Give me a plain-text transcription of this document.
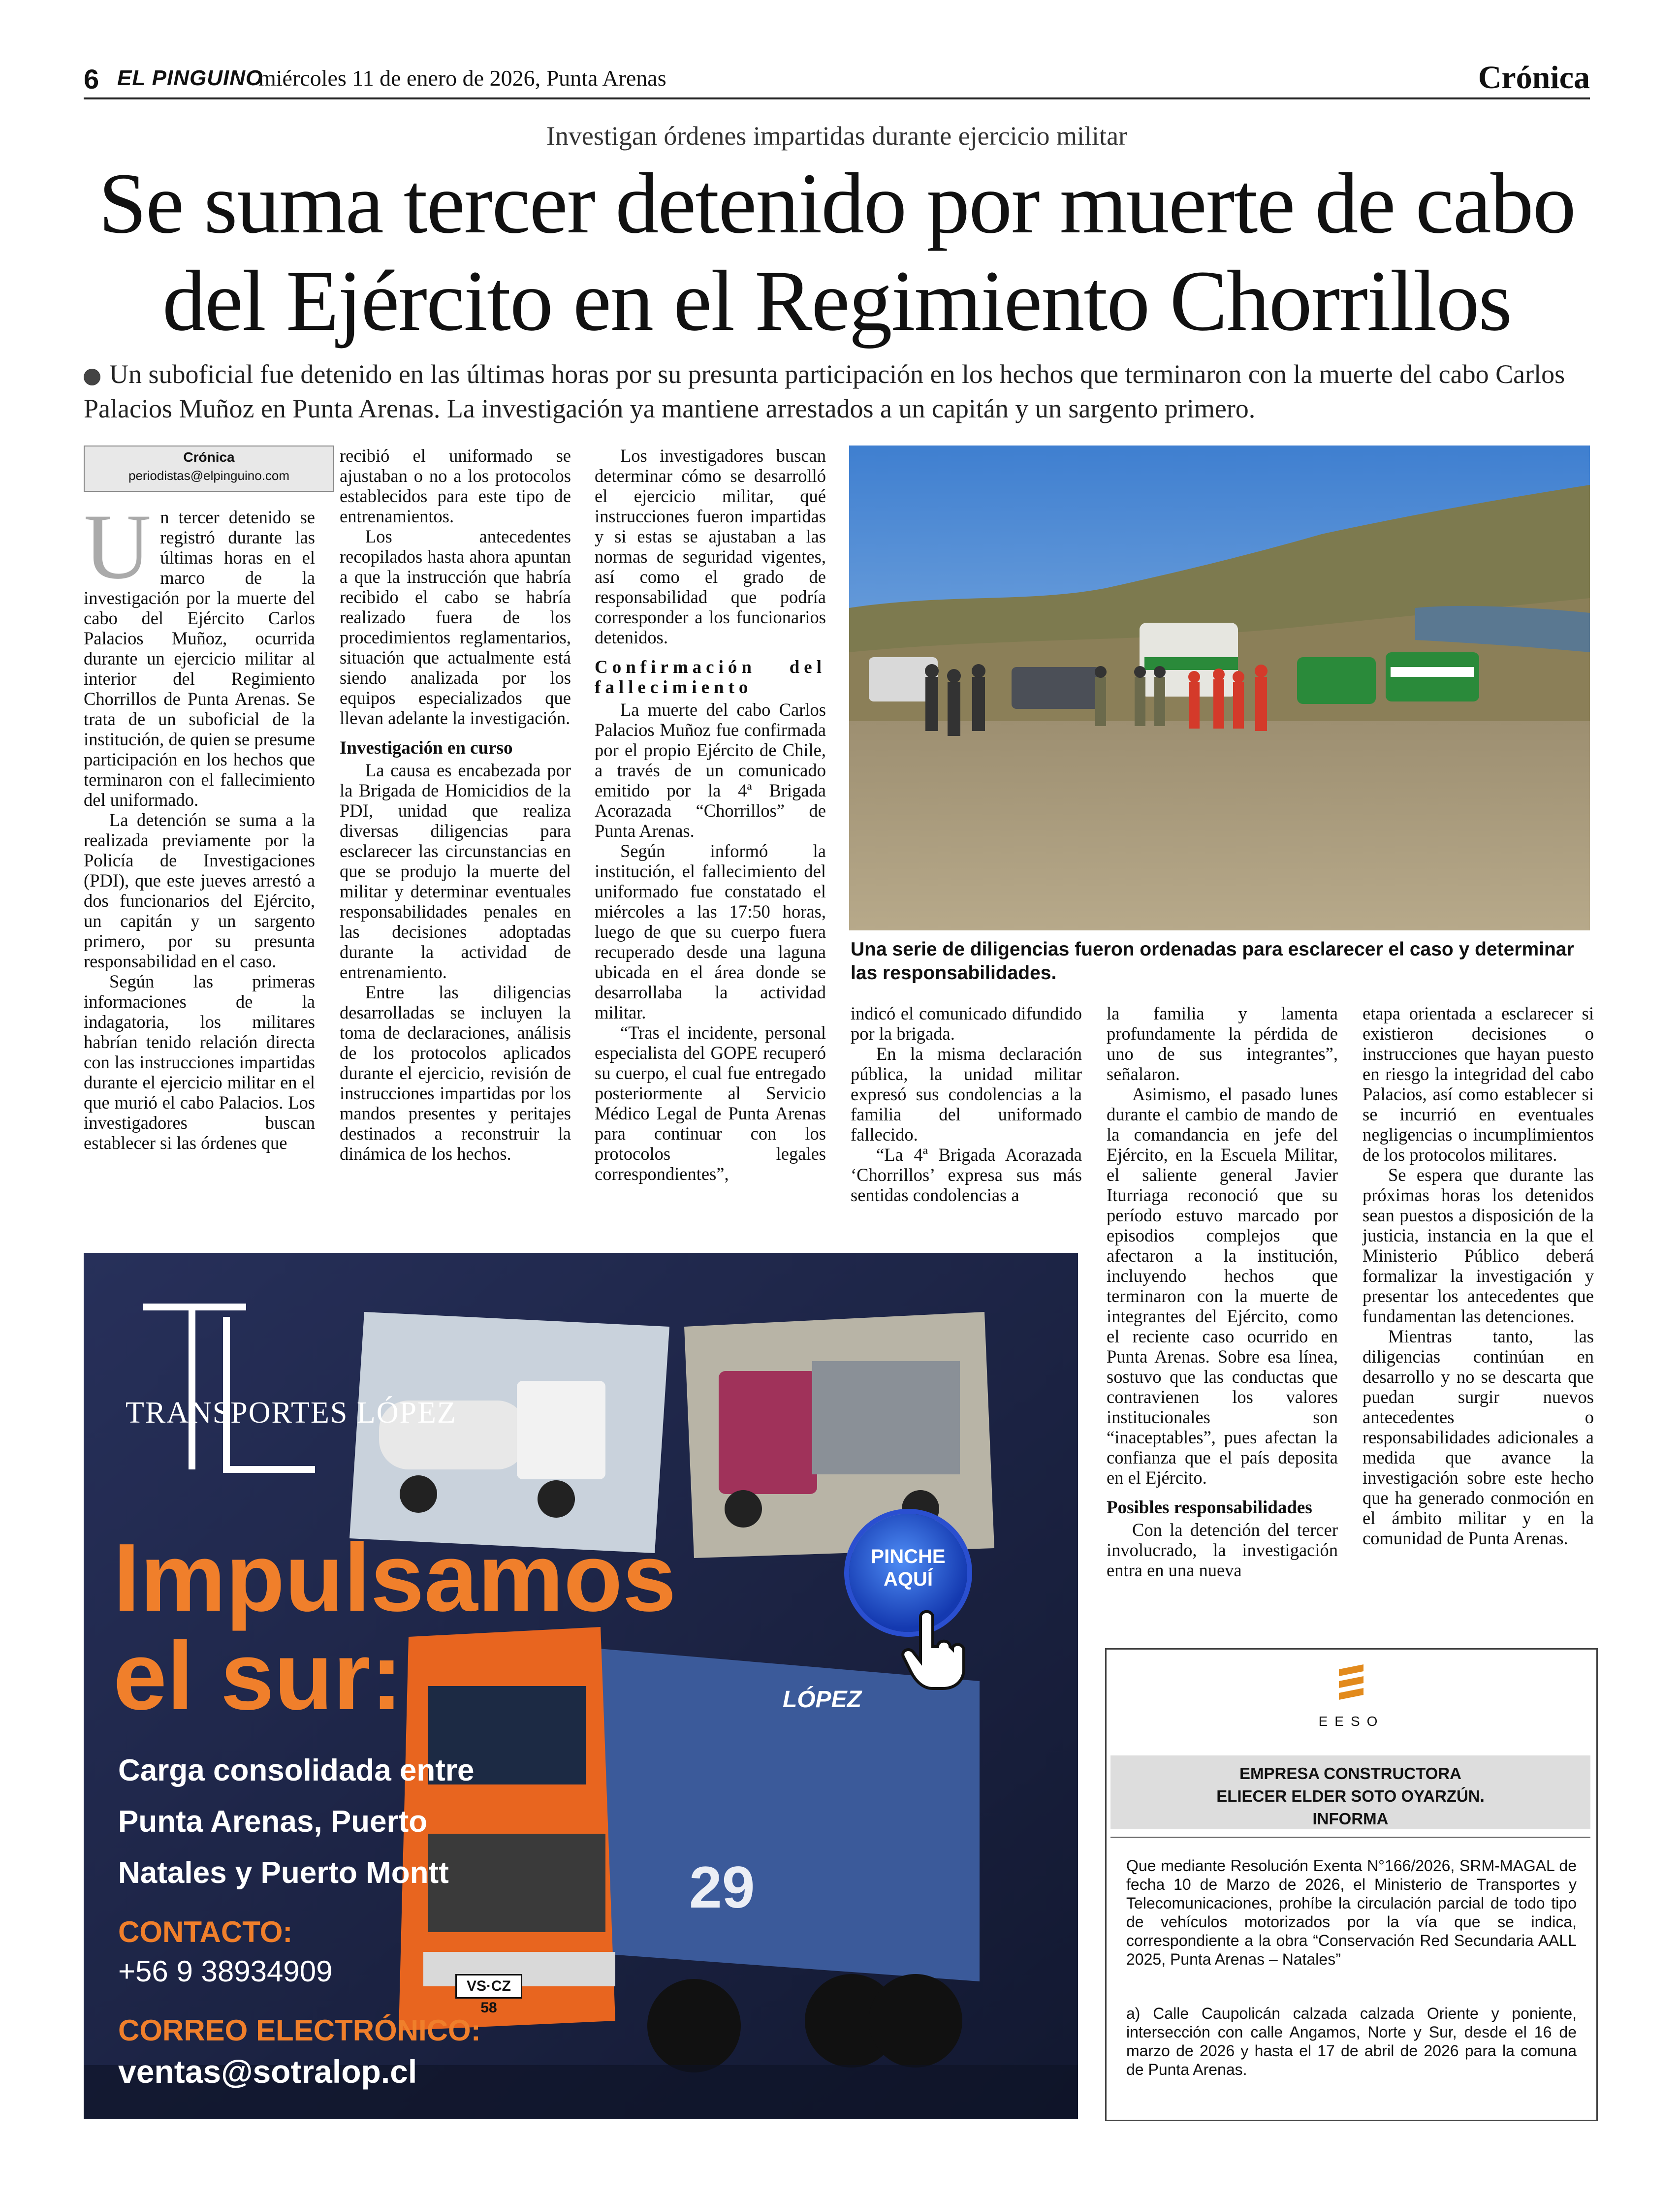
6 EL PINGUINO
miércoles 11 de enero de 2026, Punta Arenas	Crónica
Investigan órdenes impartidas durante ejercicio militar
Se suma tercer detenido por muerte de cabo del Ejército en el Regimiento Chorrillos
Un suboficial fue detenido en las últimas horas por su presunta participación en los hechos que terminaron con la muerte del cabo Carlos Palacios Muñoz en Punta Arenas. La investigación ya mantiene arrestados a un capitán y un sargento primero.
Crónica
periodistas@elpinguino.com
U n tercer detenido se registró durante las últimas horas en el marco de la investigación por la muerte del cabo del Ejército Carlos Palacios Muñoz, ocurrida durante un ejercicio militar al interior del Regimiento Chorrillos de Punta Arenas. Se trata de un suboficial de la institución, de quien se presume participación en los hechos que terminaron con el fallecimiento del uniformado.

La detención se suma a la realizada previamente por la Policía de Investigaciones (PDI), que este jueves arrestó a dos funcionarios del Ejército, un capitán y un sargento primero, por su presunta responsabilidad en el caso.

Según las primeras informaciones de la indagatoria, los militares habrían tenido relación directa con las instrucciones impartidas durante el ejercicio militar en el que murió el cabo Palacios. Los investigadores buscan establecer si las órdenes que

recibió el uniformado se ajustaban o no a los protocolos establecidos para este tipo de entrenamientos.

Los antecedentes recopilados hasta ahora apuntan a que la instrucción que habría recibido el cabo se habría realizado fuera de los procedimientos reglamentarios, situación que actualmente está siendo analizada por los equipos especializados que llevan adelante la investigación.

Investigación en curso

La causa es encabezada por la Brigada de Homicidios de la PDI, unidad que realiza diversas diligencias para esclarecer las circunstancias en que se produjo la muerte del militar y determinar eventuales responsabilidades penales en las decisiones adoptadas durante la actividad de entrenamiento.

Entre las diligencias desarrolladas se incluyen la toma de declaraciones, análisis de los protocolos aplicados durante el ejercicio, revisión de instrucciones impartidas por los mandos presentes y peritajes destinados a reconstruir la dinámica de los hechos.

Los investigadores buscan determinar cómo se desarrolló el ejercicio militar, qué instrucciones fueron impartidas y si estas se ajustaban a las normas de seguridad vigentes, así como el grado de responsabilidad que podría corresponder a los funcionarios detenidos.

Confirmación del fallecimiento

La muerte del cabo Carlos Palacios Muñoz fue confirmada por el propio Ejército de Chile, a través de un comunicado emitido por la 4ª Brigada Acorazada “Chorrillos” de Punta Arenas.

Según informó la institución, el fallecimiento del uniformado fue constatado el miércoles a las 17:50 horas, luego de que su cuerpo fuera recuperado desde una laguna ubicada en el área donde se desarrollaba la actividad militar.

“Tras el incidente, personal especialista del GOPE recuperó su cuerpo, el cual fue entregado posteriormente al Servicio Médico Legal de Punta Arenas para continuar con los protocolos legales correspondientes”,

Una serie de diligencias fueron ordenadas para esclarecer el caso y determinar las responsabilidades.

indicó el comunicado difundido por la brigada.

En la misma declaración pública, la unidad militar expresó sus condolencias a la familia del uniformado fallecido.

“La 4ª Brigada Acorazada ‘Chorrillos’ expresa sus más sentidas condolencias a

la familia y lamenta profundamente la pérdida de uno de sus integrantes”, señalaron.

Asimismo, el pasado lunes durante el cambio de mando de la comandancia en jefe del Ejército, en la Escuela Militar, el saliente general Javier Iturriaga reconoció que su período estuvo marcado por episodios complejos que afectaron a la institución, incluyendo hechos que terminaron con la muerte de integrantes del Ejército, como el reciente caso ocurrido en Punta Arenas. Sobre esa línea, sostuvo que las conductas que contravienen los valores institucionales son “inaceptables”, pues afectan la confianza que el país deposita en el Ejército.

Posibles responsabilidades

Con la detención del tercer involucrado, la investigación entra en una nueva

etapa orientada a esclarecer si existieron decisiones o instrucciones que hayan puesto en riesgo la integridad del cabo Palacios, así como establecer si se incurrió en eventuales negligencias o incumplimientos de los protocolos militares.

Se espera que durante las próximas horas los detenidos sean puestos a disposición de la justicia, instancia en la que el Ministerio Público deberá formalizar la investigación y presentar los antecedentes que fundamentan las detenciones.

Mientras tanto, las diligencias continúan en desarrollo y no se descarta que puedan surgir nuevos antecedentes o responsabilidades adicionales a medida que avance la investigación sobre este hecho que ha generado conmoción en el ámbito militar y en la comunidad de Punta Arenas.

TRANSPORTES LÓPEZ
Impulsamos
el sur:
Carga consolidada entre
Punta Arenas, Puerto
Natales y Puerto Montt
CONTACTO:
+56 9 38934909
CORREO ELECTRÓNICO:
ventas@sotralop.cl
PINCHE
AQUÍ
VS·CZ 58
LÓPEZ
29
EESO
EMPRESA CONSTRUCTORA
ELIECER ELDER SOTO OYARZÚN.
INFORMA
Que mediante Resolución Exenta N°166/2026, SRM-MAGAL de fecha 10 de Marzo de 2026, el Ministerio de Transportes y Telecomunicaciones, prohíbe la circulación parcial de todo tipo de vehículos motorizados por la vía que se indica, correspondiente a la obra “Conservación Red Secundaria AALL 2025, Punta Arenas – Natales”
a) Calle Caupolicán calzada calzada Oriente y poniente, intersección con calle Angamos, Norte y Sur, desde el 16 de marzo de 2026 y hasta el 17 de abril de 2026 para la comuna de Punta Arenas.
